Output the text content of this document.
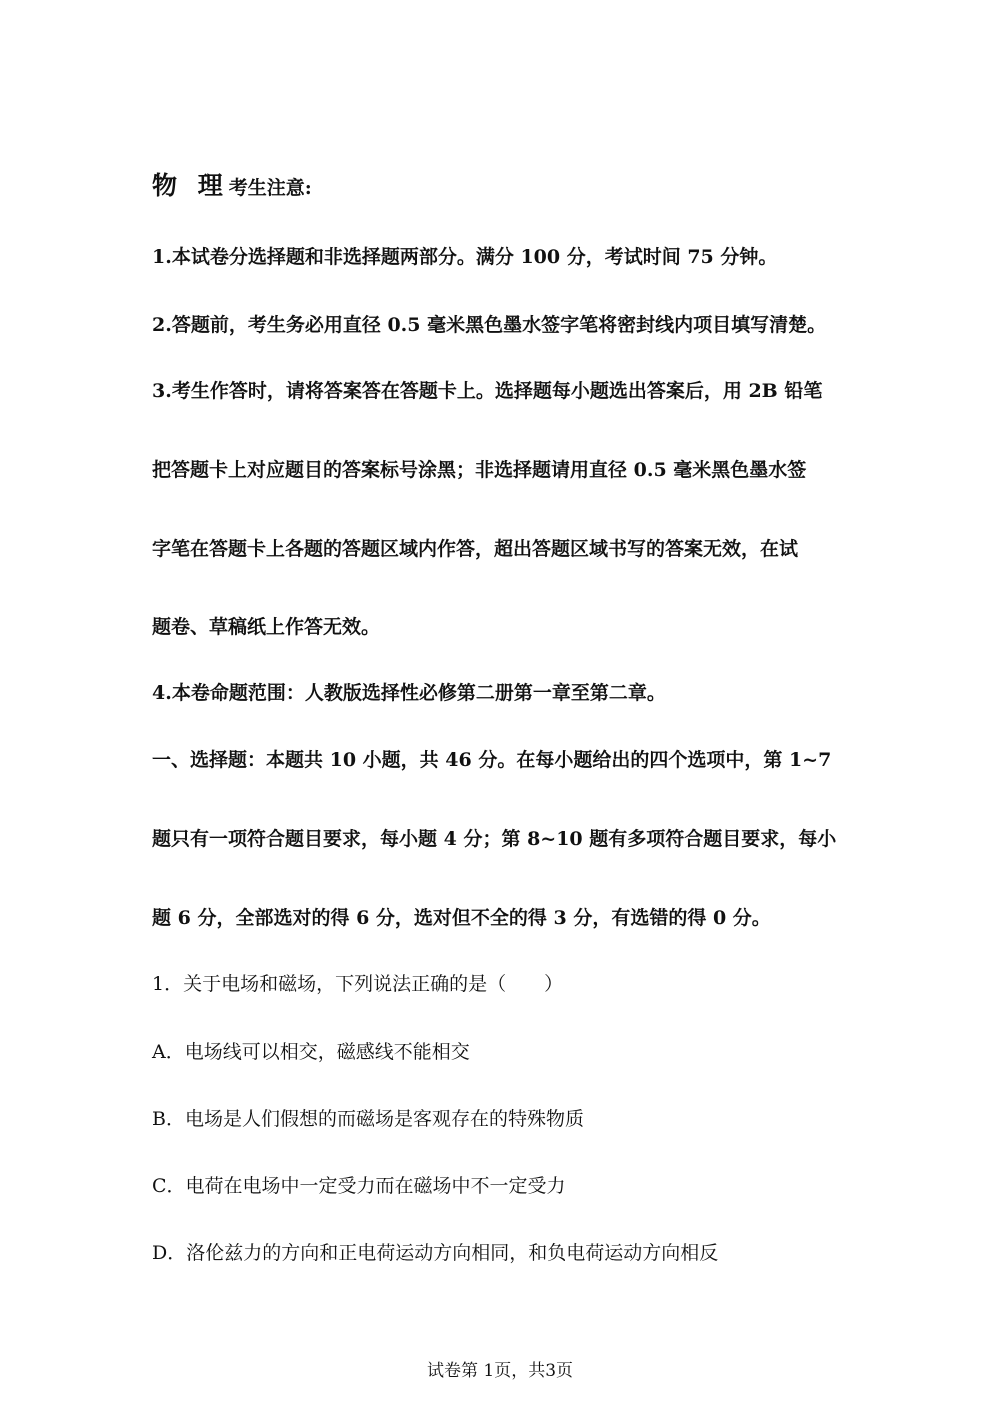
物 理考生注意:
1.本试卷分选择题和非选择题两部分。满分 100 分，考试时间 75 分钟。
2.答题前，考生务必用直径 0.5 毫米黑色墨水签字笔将密封线内项目填写清楚。
3.考生作答时，请将答案答在答题卡上。选择题每小题选出答案后，用 2B 铅笔
把答题卡上对应题目的答案标号涂黑；非选择题请用直径 0.5 毫米黑色墨水签
字笔在答题卡上各题的答题区域内作答，超出答题区域书写的答案无效，在试
题卷、草稿纸上作答无效。
4.本卷命题范围：人教版选择性必修第二册第一章至第二章。
一、选择题：本题共 10 小题，共 46 分。在每小题给出的四个选项中，第 1~7
题只有一项符合题目要求，每小题 4 分；第 8~10 题有多项符合题目要求，每小
题 6 分，全部选对的得 6 分，选对但不全的得 3 分，有选错的得 0 分。
1．关于电场和磁场，下列说法正确的是（　　）
A．电场线可以相交，磁感线不能相交
B．电场是人们假想的而磁场是客观存在的特殊物质
C．电荷在电场中一定受力而在磁场中不一定受力
D．洛伦兹力的方向和正电荷运动方向相同，和负电荷运动方向相反
试卷第 1页，共3页
